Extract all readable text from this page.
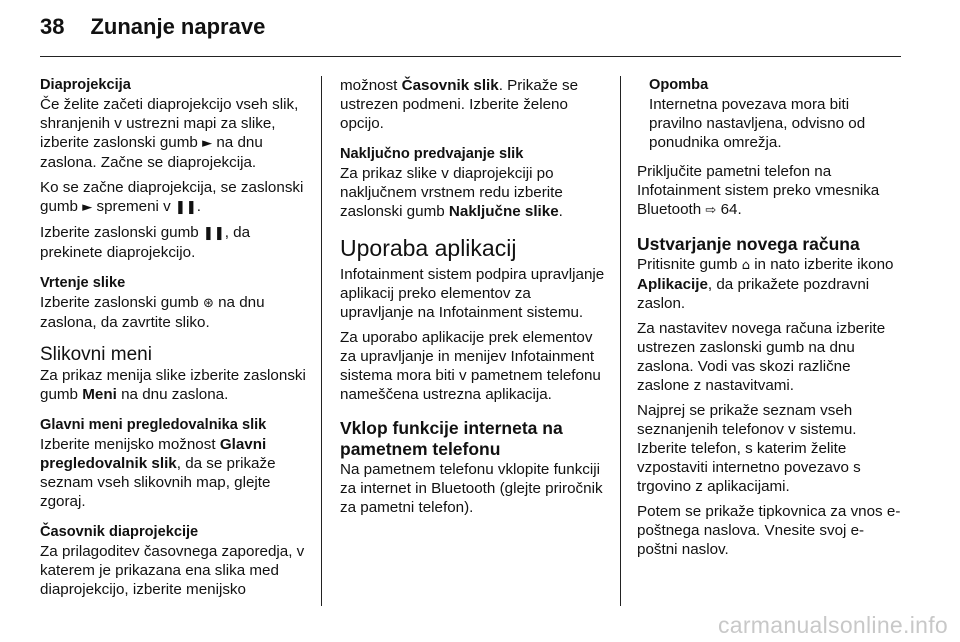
38 Zunanje naprave
Diaprojekcija

Če želite začeti diaprojekcijo vseh slik, shranjenih v ustrezni mapi za slike, izberite zaslonski gumb ► na dnu zaslona. Začne se diaprojekcija.

Ko se začne diaprojekcija, se zaslonski gumb ► spremeni v ❚❚.

Izberite zaslonski gumb ❚❚, da prekinete diaprojekcijo.

Vrtenje slike

Izberite zaslonski gumb ⊛ na dnu zaslona, da zavrtite sliko.

Slikovni meni

Za prikaz menija slike izberite zaslonski gumb Meni na dnu zaslona.

Glavni meni pregledovalnika slik

Izberite menijsko možnost Glavni pregledovalnik slik, da se prikaže seznam vseh slikovnih map, glejte zgoraj.

Časovnik diaprojekcije

Za prilagoditev časovnega zaporedja, v katerem je prikazana ena slika med diaprojekcijo, izberite menijsko

možnost Časovnik slik. Prikaže se ustrezen podmeni. Izberite želeno opcijo.

Naključno predvajanje slik

Za prikaz slike v diaprojekciji po naključnem vrstnem redu izberite zaslonski gumb Naključne slike.

Uporaba aplikacij

Infotainment sistem podpira upravljanje aplikacij preko elementov za upravljanje na Infotainment sistemu.

Za uporabo aplikacije prek elementov za upravljanje in menijev Infotainment sistema mora biti v pametnem telefonu nameščena ustrezna aplikacija.

Vklop funkcije interneta na pametnem telefonu

Na pametnem telefonu vklopite funkciji za internet in Bluetooth (glejte priročnik za pametni telefon).

Opomba
Internetna povezava mora biti pravilno nastavljena, odvisno od ponudnika omrežja.

Priključite pametni telefon na Infotainment sistem preko vmesnika Bluetooth ⇨ 64.

Ustvarjanje novega računa

Pritisnite gumb ⌂ in nato izberite ikono Aplikacije, da prikažete pozdravni zaslon.

Za nastavitev novega računa izberite ustrezen zaslonski gumb na dnu zaslona. Vodi vas skozi različne zaslone z nastavitvami.

Najprej se prikaže seznam vseh seznanjenih telefonov v sistemu. Izberite telefon, s katerim želite vzpostaviti internetno povezavo s trgovino z aplikacijami.

Potem se prikaže tipkovnica za vnos e-poštnega naslova. Vnesite svoj e-poštni naslov.

carmanualsonline.info
